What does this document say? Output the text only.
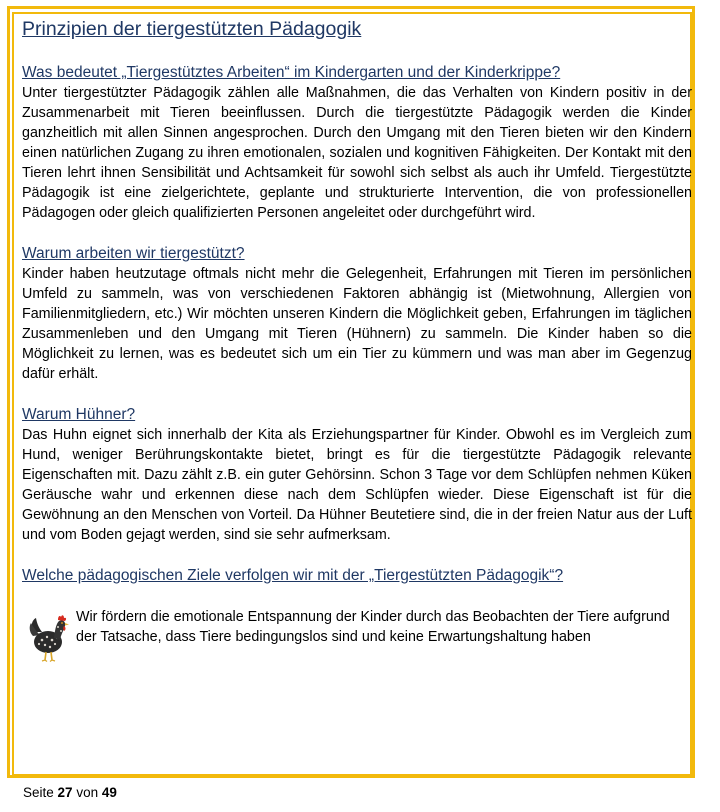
Prinzipien der tiergestützten Pädagogik
Was bedeutet „Tiergestütztes Arbeiten“ im Kindergarten und der Kinderkrippe?

Unter tiergestützter Pädagogik zählen alle Maßnahmen, die das Verhalten von Kindern positiv in der Zusammenarbeit mit Tieren beeinflussen. Durch die tiergestützte Pädagogik werden die Kinder ganzheitlich mit allen Sinnen angesprochen. Durch den Umgang mit den Tieren bieten wir den Kindern einen natürlichen Zugang zu ihren emotionalen, sozialen und kognitiven Fähigkeiten. Der Kontakt mit den Tieren lehrt ihnen Sensibilität und Achtsamkeit für sowohl sich selbst als auch ihr Umfeld. Tiergestützte Pädagogik ist eine zielgerichtete, geplante und strukturierte Intervention, die von professionellen Pädagogen oder gleich qualifizierten Personen angeleitet oder durchgeführt wird.

Warum arbeiten wir tiergestützt?

Kinder haben heutzutage oftmals nicht mehr die Gelegenheit, Erfahrungen mit Tieren im persönlichen Umfeld zu sammeln, was von verschiedenen Faktoren abhängig ist (Mietwohnung, Allergien von Familienmitgliedern, etc.) Wir möchten unseren Kindern die Möglichkeit geben, Erfahrungen im täglichen Zusammenleben und den Umgang mit Tieren (Hühnern) zu sammeln. Die Kinder haben so die Möglichkeit zu lernen, was es bedeutet sich um ein Tier zu kümmern und was man aber im Gegenzug dafür erhält.

Warum Hühner?

Das Huhn eignet sich innerhalb der Kita als Erziehungspartner für Kinder. Obwohl es im Vergleich zum Hund, weniger Berührungskontakte bietet, bringt es für die tiergestützte Pädagogik relevante Eigenschaften mit. Dazu zählt z.B. ein guter Gehörsinn. Schon 3 Tage vor dem Schlüpfen nehmen Küken Geräusche wahr und erkennen diese nach dem Schlüpfen wieder. Diese Eigenschaft ist für die Gewöhnung an den Menschen von Vorteil. Da Hühner Beutetiere sind, die in der freien Natur aus der Luft und vom Boden gejagt werden, sind sie sehr aufmerksam.

Welche pädagogischen Ziele verfolgen wir mit der „Tiergestützten Pädagogik“?
Wir fördern die emotionale Entspannung der Kinder durch das Beobachten der Tiere aufgrund der Tatsache, dass Tiere bedingungslos sind und keine Erwartungshaltung haben
Seite 27 von 49
